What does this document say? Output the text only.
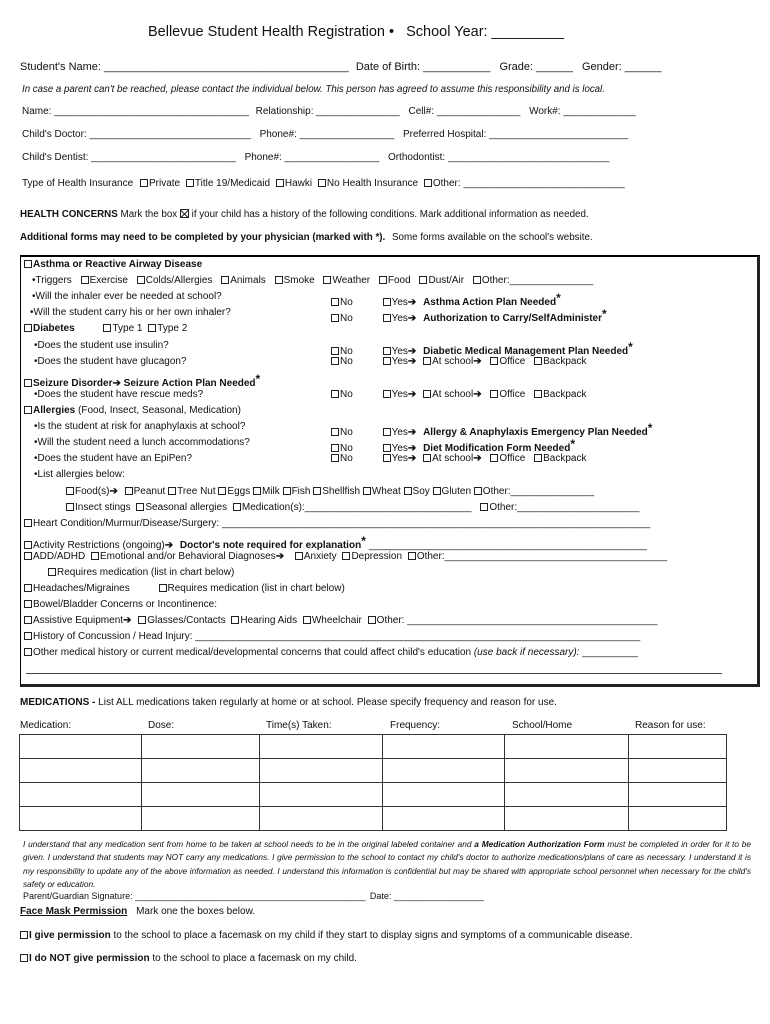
Bellevue Student Health Registration • School Year: _________
Student's Name: ________________________________________ Date of Birth: ___________ Grade: ______ Gender: ______
In case a parent can't be reached, please contact the individual below. This person has agreed to assume this responsibility and is local.
Name: ___________________________________ Relationship: _______________ Cell#: _______________ Work#: _____________
Child's Doctor: _____________________________ Phone#: _________________ Preferred Hospital: _________________________
Child's Dentist: __________________________ Phone#: _________________ Orthodontist: _____________________________
Type of Health Insurance Private Title 19/Medicaid Hawki No Health Insurance Other: _____________________________
HEALTH CONCERNS Mark the box if your child has a history of the following conditions. Mark additional information as needed.
Additional forms may need to be completed by your physician (marked with *). Some forms available on the school's website.
Asthma or Reactive Airway Disease
•Triggers Exercise Colds/Allergies Animals Smoke Weather Food Dust/Air Other:_______________
•Will the inhaler ever be needed at school?
No	Yes➔ Asthma Action Plan Needed*
•Will the student carry his or her own inhaler?
No	Yes➔ Authorization to Carry/SelfAdminister*
Diabetes	Type 1 Type 2
•Does the student use insulin?
No	Yes➔ Diabetic Medical Management Plan Needed*
•Does the student have glucagon?	No	Yes➔ At school➔ Office Backpack
Seizure Disorder➔ Seizure Action Plan Needed*
•Does the student have rescue meds?	No	Yes➔ At school➔ Office Backpack
Allergies (Food, Insect, Seasonal, Medication)
•Is the student at risk for anaphylaxis at school?
No	Yes➔ Allergy & Anaphylaxis Emergency Plan Needed*
•Will the student need a lunch accommodations?
No	Yes➔ Diet Modification Form Needed*
•Does the student have an EpiPen?	No	Yes➔ At school➔ Office Backpack
•List allergies below:
Food(s)➔ Peanut Tree Nut Eggs Milk Fish Shellfish Wheat Soy Gluten Other:_______________
Insect stings Seasonal allergies Medication(s):______________________________ Other:______________________
Heart Condition/Murmur/Disease/Surgery: _____________________________________________________________________________
Activity Restrictions (ongoing)➔ Doctor's note required for explanation* __________________________________________________
ADD/ADHD Emotional and/or Behavioral Diagnoses➔ Anxiety Depression Other:________________________________________
Requires medication (list in chart below)
Headaches/Migraines	Requires medication (list in chart below)
Bowel/Bladder Concerns or Incontinence:
Assistive Equipment➔ Glasses/Contacts Hearing Aids Wheelchair Other: _____________________________________________
History of Concussion / Head Injury: ________________________________________________________________________________
Other medical history or current medical/developmental concerns that could affect child's education (use back if necessary): __________
MEDICATIONS - List ALL medications taken regularly at home or at school. Please specify frequency and reason for use.
Medication:	Dose:	Time(s) Taken:	Frequency:	School/Home	Reason for use:

I understand that any medication sent from home to be taken at school needs to be in the original labeled container and a Medication Authorization Form must be completed in order for it to be given. I understand that students may NOT carry any medications. I give permission to the school to contact my child's doctor to authorize medications/plans of care as necessary. I understand it is my responsibility to update any of the above information as needed. I understand this information is confidential but may be shared with appropriate school personnel when necessary for the child's safety or education.
Parent/Guardian Signature: ______________________________________________ Date: __________________
Face Mask Permission Mark one the boxes below.
I give permission to the school to place a facemask on my child if they start to display signs and symptoms of a communicable disease.
I do NOT give permission to the school to place a facemask on my child.
